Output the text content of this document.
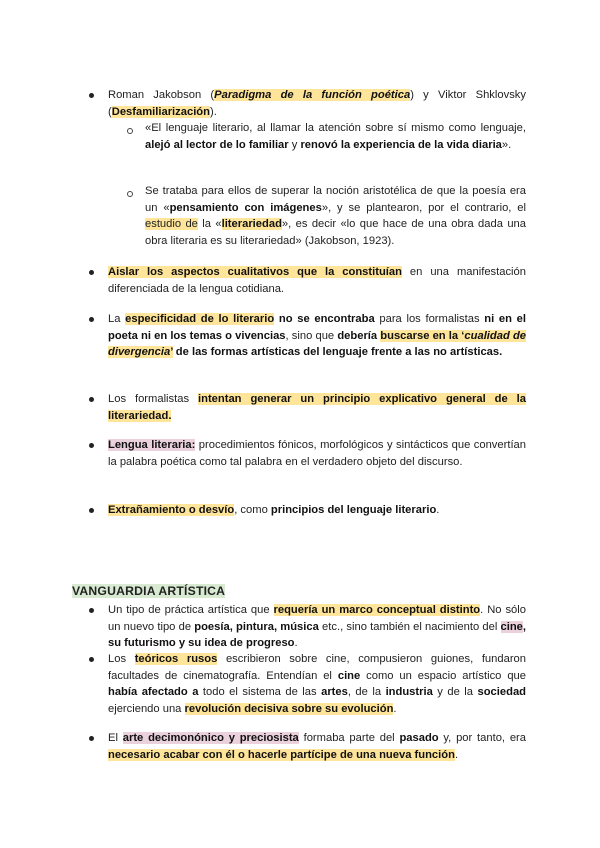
Roman Jakobson (Paradigma de la función poética) y Viktor Shklovsky (Desfamiliarización).
«El lenguaje literario, al llamar la atención sobre sí mismo como lenguaje, alejó al lector de lo familiar y renovó la experiencia de la vida diaria».
Se trataba para ellos de superar la noción aristotélica de que la poesía era un «pensamiento con imágenes», y se plantearon, por el contrario, el estudio de la «literariedad», es decir «lo que hace de una obra dada una obra literaria es su literariedad» (Jakobson, 1923).
Aislar los aspectos cualitativos que la constituían en una manifestación diferenciada de la lengua cotidiana.
La especificidad de lo literario no se encontraba para los formalistas ni en el poeta ni en los temas o vivencias, sino que debería buscarse en la ‘cualidad de divergencia’ de las formas artísticas del lenguaje frente a las no artísticas.
Los formalistas intentan generar un principio explicativo general de la literariedad.
Lengua literaria: procedimientos fónicos, morfológicos y sintácticos que convertían la palabra poética como tal palabra en el verdadero objeto del discurso.
Extrañamiento o desvío, como principios del lenguaje literario.
VANGUARDIA ARTÍSTICA
Un tipo de práctica artística que requería un marco conceptual distinto. No sólo un nuevo tipo de poesía, pintura, música etc., sino también el nacimiento del cine, su futurismo y su idea de progreso.
Los teóricos rusos escribieron sobre cine, compusieron guiones, fundaron facultades de cinematografía. Entendían el cine como un espacio artístico que había afectado a todo el sistema de las artes, de la industria y de la sociedad ejerciendo una revolución decisiva sobre su evolución.
El arte decimonónico y preciosista formaba parte del pasado y, por tanto, era necesario acabar con él o hacerle partícipe de una nueva función.
